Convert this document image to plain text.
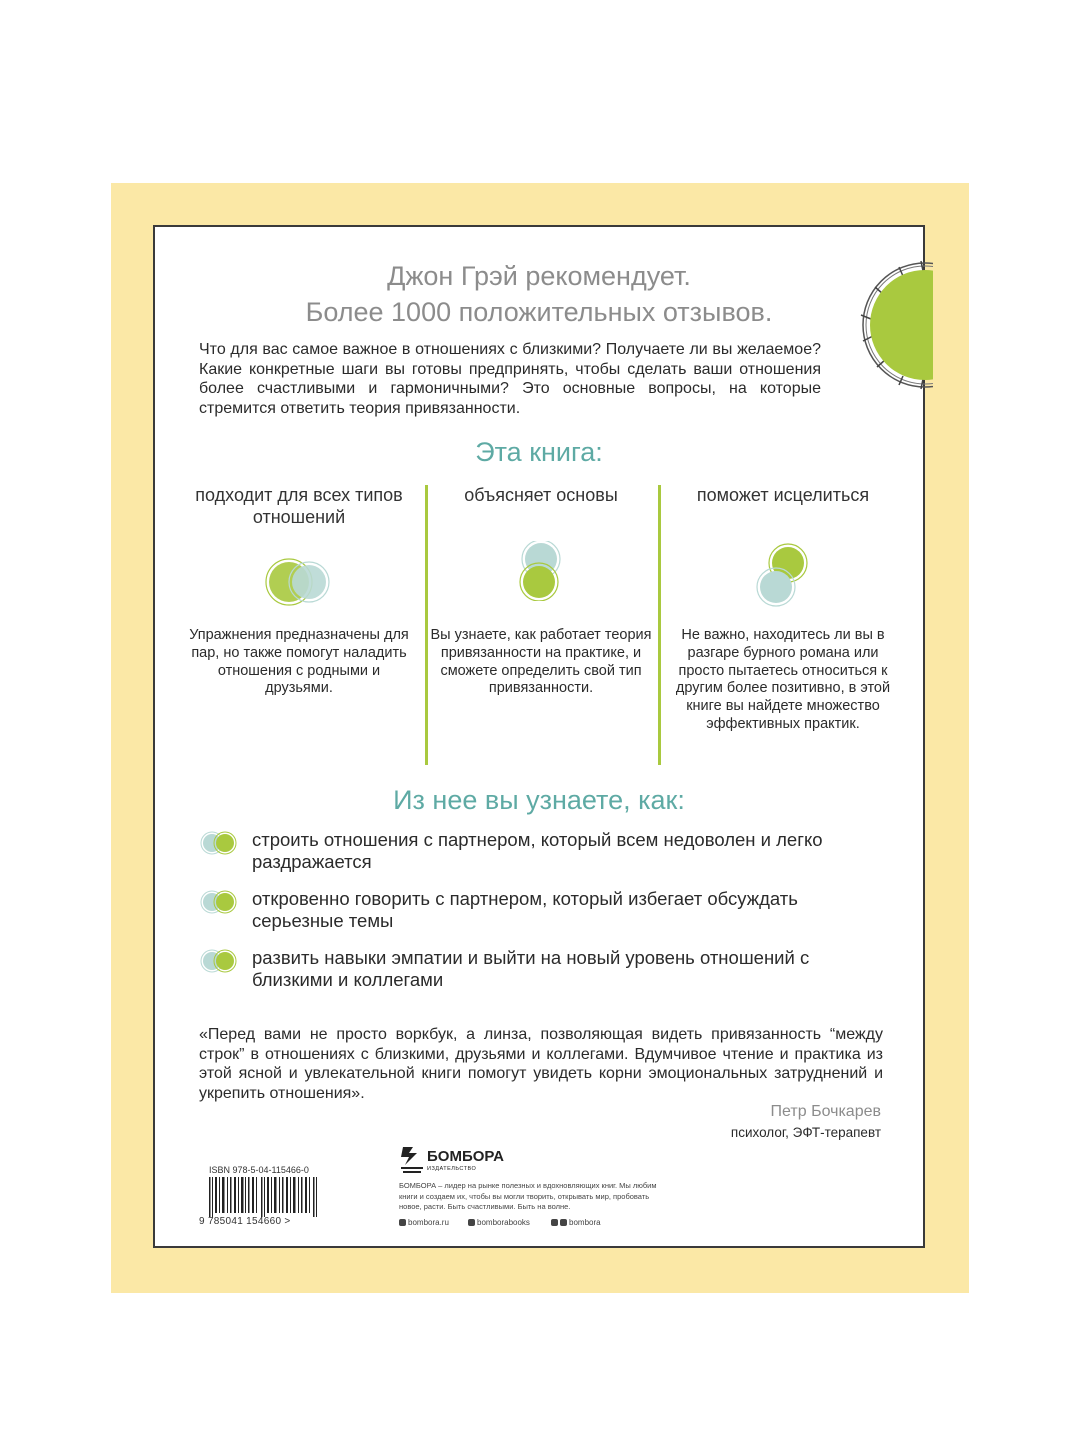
Джон Грэй рекомендует.
Более 1000 положительных отзывов.
Что для вас самое важное в отношениях с близкими? Получаете ли вы желаемое? Какие конкретные шаги вы готовы предпринять, чтобы сделать ваши отношения более счастливыми и гармоничными? Это основные вопросы, на которые стремится ответить теория привязанности.
Эта книга:
подходит для всех типов отношений
Упражнения предназначены для пар, но также помогут наладить отношения с родными и друзьями.
объясняет основы
Вы узнаете, как работает теория привязанности на практике, и сможете определить свой тип привязанности.
поможет исцелиться
Не важно, находитесь ли вы в разгаре бурного романа или просто пытаетесь относиться к другим более позитивно, в этой книге вы найдете множество эффективных практик.
Из нее вы узнаете, как:
строить отношения с партнером, который всем недоволен и легко раздражается
откровенно говорить с партнером, который избегает обсуждать серьезные темы
развить навыки эмпатии и выйти на новый уровень отношений с близкими и коллегами
«Перед вами не просто воркбук, а линза, позволяющая видеть привязанность “между строк” в отношениях с близкими, друзьями и коллегами. Вдумчивое чтение и практика из этой ясной и увлекательной книги помогут увидеть корни эмоциональных затруднений и укрепить отношения».
Петр Бочкарев
психолог, ЭФТ-терапевт
ISBN 978-5-04-115466-0
9 785041 154660 >
БОМБОРА
ИЗДАТЕЛЬСТВО
БОМБОРА – лидер на рынке полезных и вдохновляющих книг. Мы любим книги и создаем их, чтобы вы могли творить, открывать мир, пробовать новое, расти. Быть счастливыми. Быть на волне.
bombora.ru	bomborabooks	bombora
